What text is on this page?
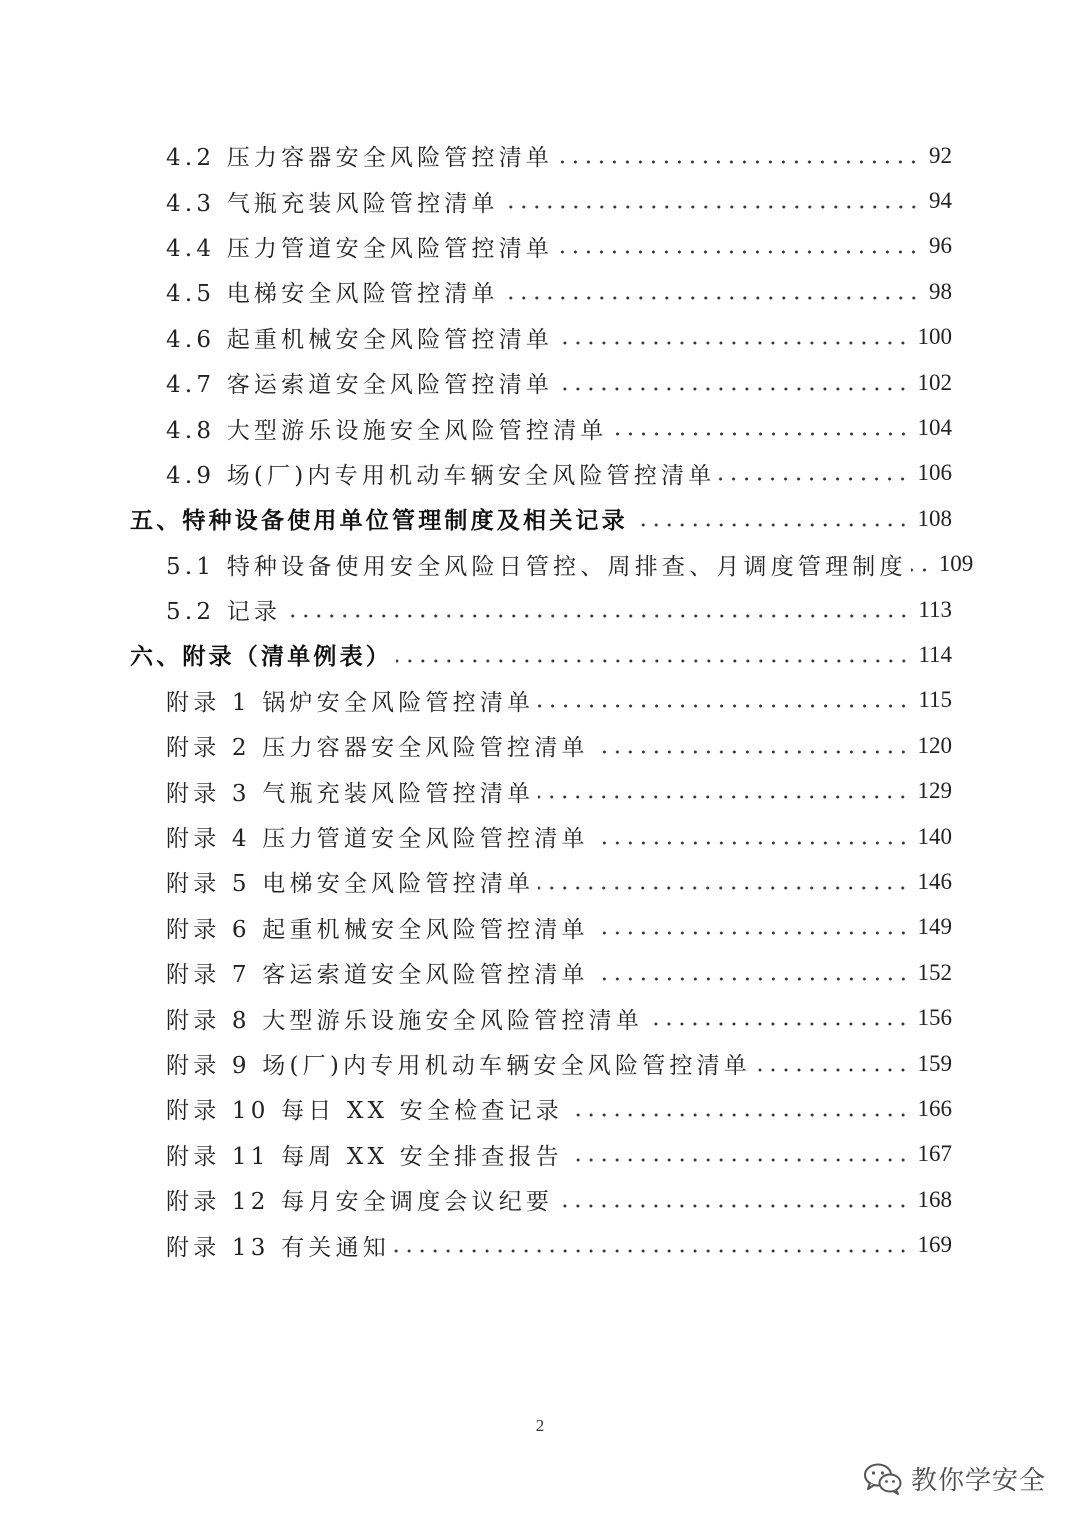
4.2 压力容器安全风险管控清单	92
4.3 气瓶充装风险管控清单	94
4.4 压力管道安全风险管控清单	96
4.5 电梯安全风险管控清单	98
4.6 起重机械安全风险管控清单	100
4.7 客运索道安全风险管控清单	102
4.8 大型游乐设施安全风险管控清单	104
4.9 场(厂)内专用机动车辆安全风险管控清单	106
五、特种设备使用单位管理制度及相关记录	108
5.1 特种设备使用安全风险日管控、周排查、月调度管理制度 109
5.2 记录	113
六、附录（清单例表）	114
附录 1 锅炉安全风险管控清单	115
附录 2 压力容器安全风险管控清单	120
附录 3 气瓶充装风险管控清单	129
附录 4 压力管道安全风险管控清单	140
附录 5 电梯安全风险管控清单	146
附录 6 起重机械安全风险管控清单	149
附录 7 客运索道安全风险管控清单	152
附录 8 大型游乐设施安全风险管控清单	156
附录 9 场(厂)内专用机动车辆安全风险管控清单	159
附录 10 每日 XX 安全检查记录	166
附录 11 每周 XX 安全排查报告	167
附录 12 每月安全调度会议纪要	168
附录 13 有关通知	169
2
教你学安全
